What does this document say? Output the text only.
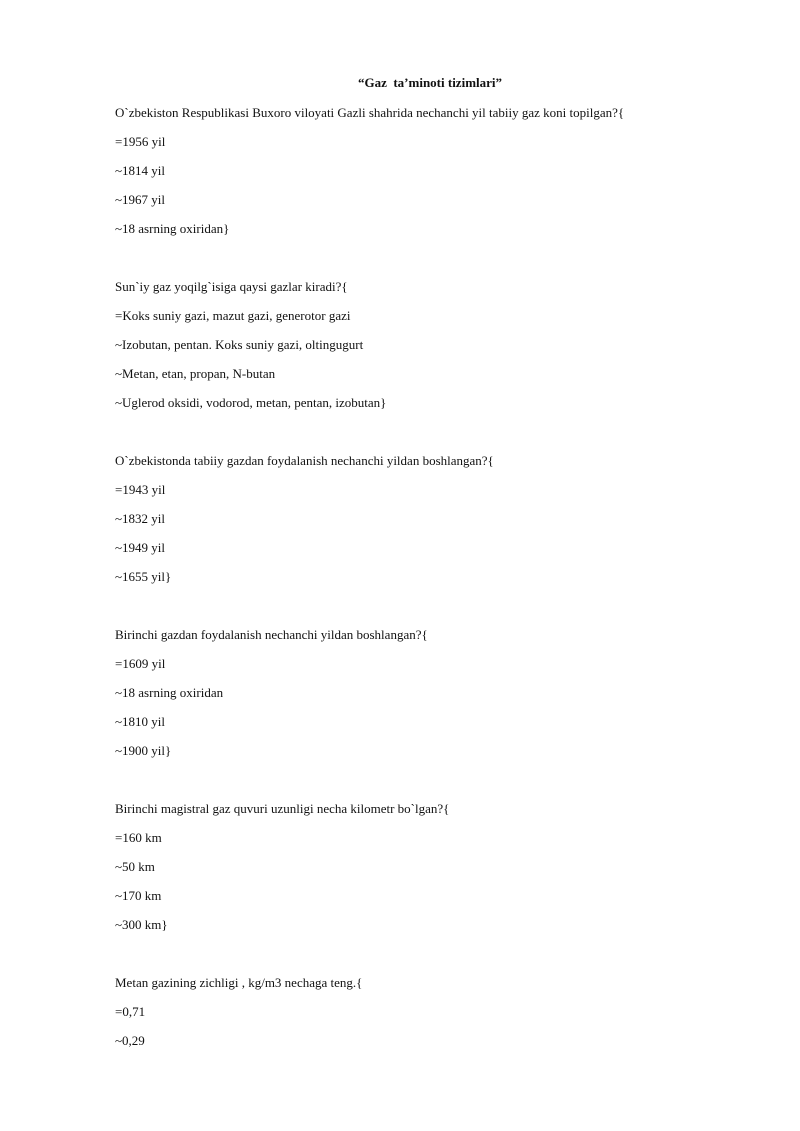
“Gaz  ta’minoti tizimlari”
O`zbekiston Respublikasi Buxoro viloyati Gazli shahrida nechanchi yil tabiiy gaz koni topilgan?{
=1956 yil
~1814 yil
~1967 yil
~18 asrning oxiridan}
Sun`iy gaz yoqilg`isiga qaysi gazlar kiradi?{
=Koks suniy gazi, mazut gazi, generotor gazi
~Izobutan, pentan. Koks suniy gazi, oltingugurt
~Metan, etan, propan, N-butan
~Uglerod oksidi, vodorod, metan, pentan, izobutan}
O`zbekistonda tabiiy gazdan foydalanish nechanchi yildan boshlangan?{
=1943 yil
~1832 yil
~1949 yil
~1655 yil}
Birinchi gazdan foydalanish nechanchi yildan boshlangan?{
=1609 yil
~18 asrning oxiridan
~1810 yil
~1900 yil}
Birinchi magistral gaz quvuri uzunligi necha kilometr bo`lgan?{
=160 km
~50 km
~170 km
~300 km}
Metan gazining zichligi , kg/m3 nechaga teng.{
=0,71
~0,29
